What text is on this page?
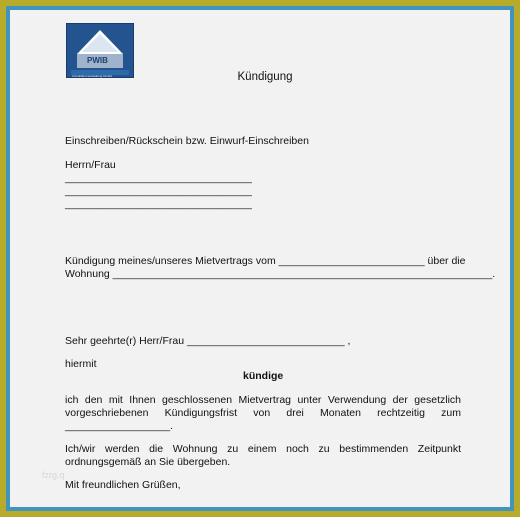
PWIB
Immobilien-Verwaltung GmbH	Kündigung
Einschreiben/Rückschein bzw. Einwurf-Einschreiben
Herrn/Frau
________________________________
________________________________
________________________________
Kündigung meines/unseres Mietvertrags vom _________________________ über die
Wohnung _________________________________________________________________.
Sehr geehrte(r) Herr/Frau ___________________________ ,
hiermit
kündige
ich den mit Ihnen geschlossenen Mietvertrag unter Verwendung der gesetzlich
vorgeschriebenen Kündigungsfrist von drei Monaten rechtzeitig zum
__________________.
Ich/wir werden die Wohnung zu einem noch zu bestimmenden Zeitpunkt
ordnungsgemäß an Sie übergeben.
fzrg.q
Mit freundlichen Grüßen,
